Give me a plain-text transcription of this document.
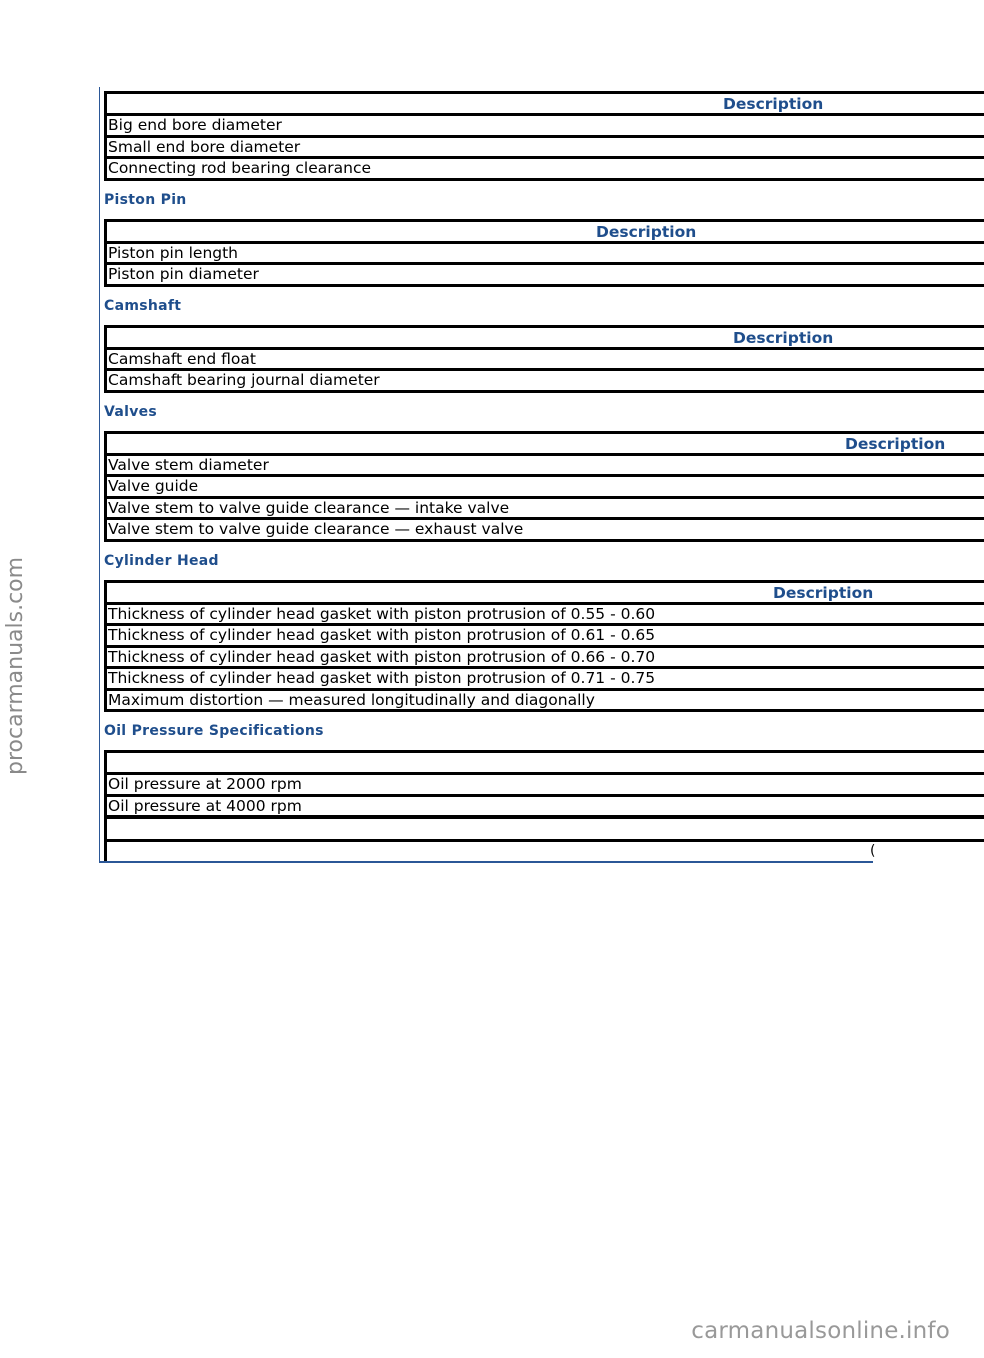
Description
Big end bore diameter
Small end bore diameter
Connecting rod bearing clearance
Piston Pin
Description
Piston pin length
Piston pin diameter
Camshaft
Description
Camshaft end float
Camshaft bearing journal diameter
Valves
Description
Valve stem diameter
Valve guide
Valve stem to valve guide clearance — intake valve
Valve stem to valve guide clearance — exhaust valve
Cylinder Head
Description
Thickness of cylinder head gasket with piston protrusion of 0.55 - 0.60
Thickness of cylinder head gasket with piston protrusion of 0.61 - 0.65
Thickness of cylinder head gasket with piston protrusion of 0.66 - 0.70
Thickness of cylinder head gasket with piston protrusion of 0.71 - 0.75
Maximum distortion — measured longitudinally and diagonally
Oil Pressure Specifications
Oil pressure at 2000 rpm
Oil pressure at 4000 rpm
(
procarmanuals.com
carmanualsonline.info
